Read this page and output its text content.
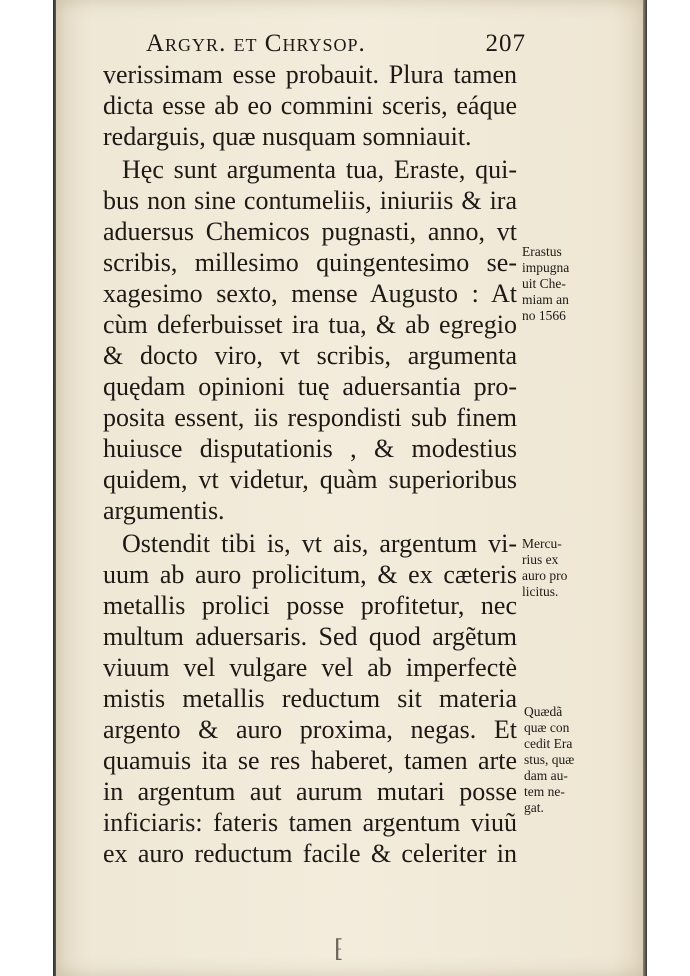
Argyr. et Chrysop.	207
verissimam esse probauit. Plura tamen
dicta esse ab eo commini sceris, eáque
redarguis, quæ nusquam somniauit.
Hęc sunt argumenta tua, Eraste, qui-
bus non sine contumeliis, iniuriis & ira
aduersus Chemicos pugnasti, anno, vt
scribis, millesimo quingentesimo se-
xagesimo sexto, mense Augusto : At
cùm deferbuisset ira tua, & ab egregio
& docto viro, vt scribis, argumenta
quędam opinioni tuę aduersantia pro-
posita essent, iis respondisti sub finem
huiusce disputationis , & modestius
quidem, vt videtur, quàm superioribus
argumentis.
Ostendit tibi is, vt ais, argentum vi-
uum ab auro prolicitum, & ex cæteris
metallis prolici posse profitetur, nec
multum aduersaris. Sed quod argẽtum
viuum vel vulgare vel ab imperfectè
mistis metallis reductum sit materia
argento & auro proxima, negas. Et
quamuis ita se res haberet, tamen arte
in argentum aut aurum mutari posse
inficiaris: fateris tamen argentum viuũ
ex auro reductum facile & celeriter in
Erastus
impugna
uit Che-
miam an
no 1566
Mercu-
rius ex
auro pro
licitus.
Quædã
quæ con
cedit Era
stus, quæ
dam au-
tem ne-
gat.
⁅
